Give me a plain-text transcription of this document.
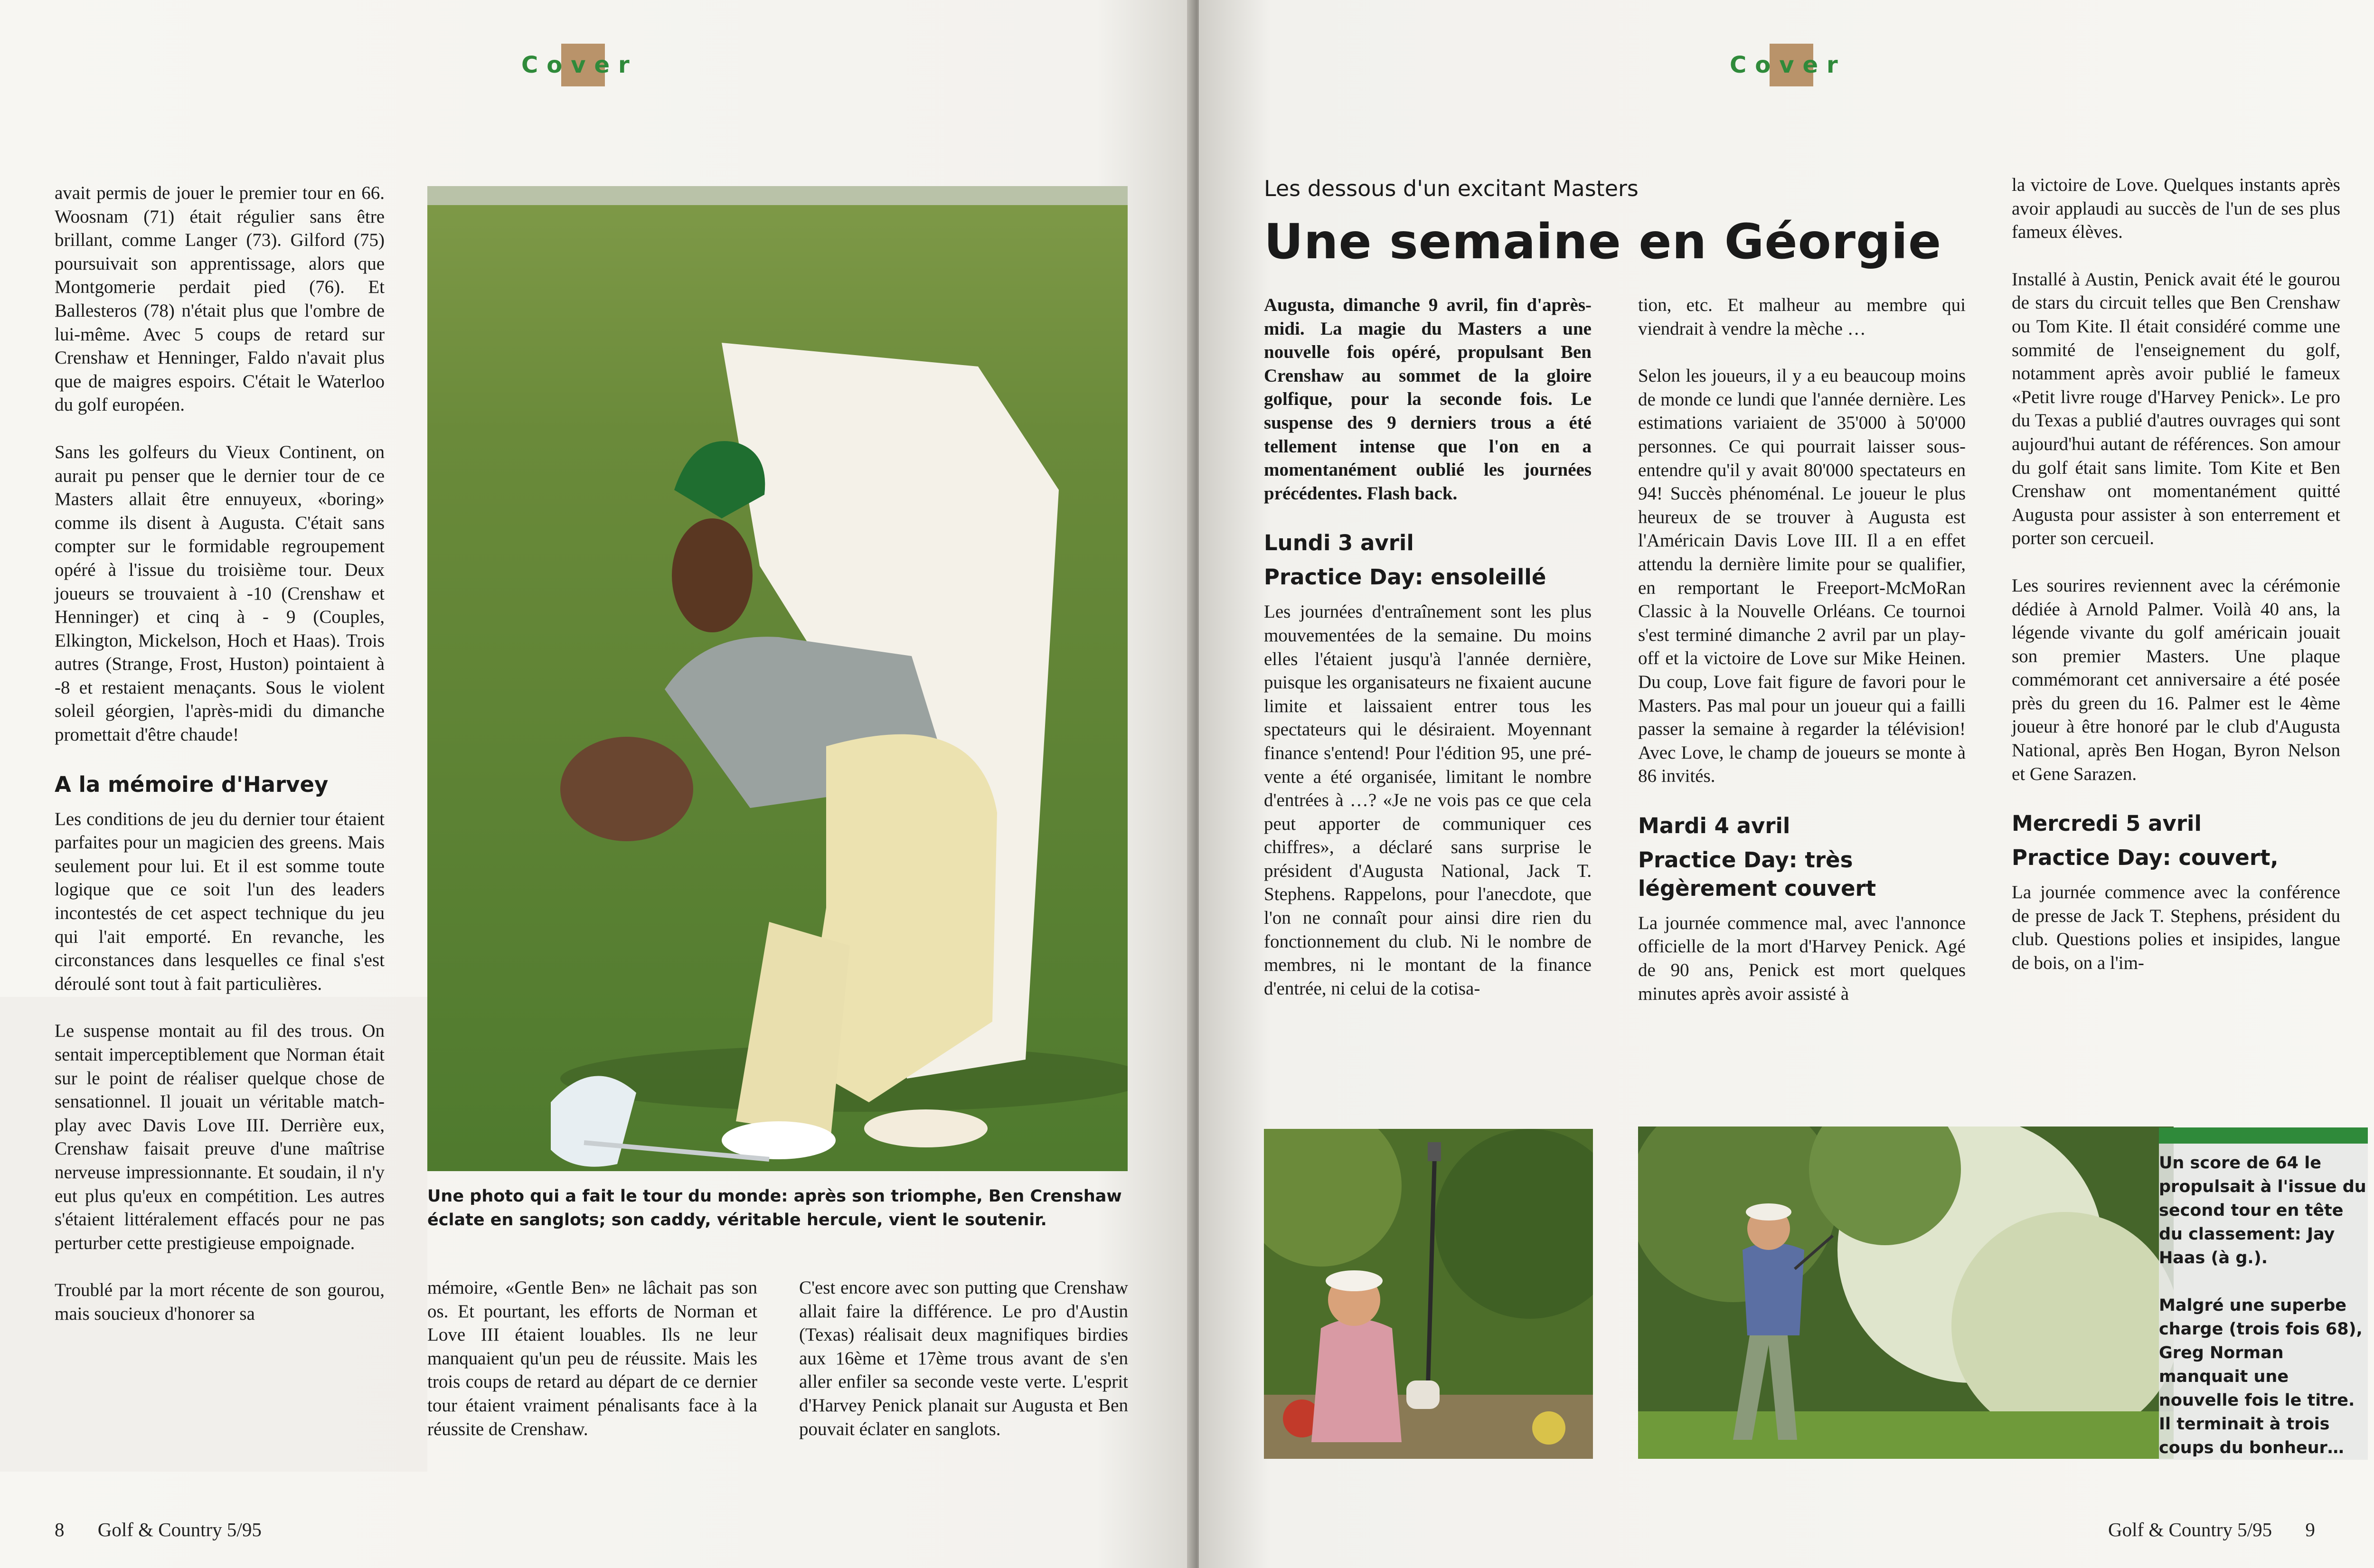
Cover

avait permis de jouer le premier tour en 66. Woosnam (71) était régulier sans être brillant, comme Langer (73). Gilford (75) poursuivait son apprentissage, alors que Montgomerie perdait pied (76). Et Ballesteros (78) n'était plus que l'ombre de lui-même. Avec 5 coups de retard sur Crenshaw et Henninger, Faldo n'avait plus que de maigres espoirs. C'était le Waterloo du golf européen.

Sans les golfeurs du Vieux Continent, on aurait pu penser que le dernier tour de ce Masters allait être ennuyeux, «boring» comme ils disent à Augusta. C'était sans compter sur le formidable regroupement opéré à l'issue du troisième tour. Deux joueurs se trouvaient à -10 (Crenshaw et Henninger) et cinq à - 9 (Couples, Elkington, Mickelson, Hoch et Haas). Trois autres (Strange, Frost, Huston) pointaient à -8 et restaient menaçants. Sous le violent soleil géorgien, l'après-midi du dimanche promettait d'être chaude!

A la mémoire d'Harvey

Les conditions de jeu du dernier tour étaient parfaites pour un magicien des greens. Mais seulement pour lui. Et il est somme toute logique que ce soit l'un des leaders incontestés de cet aspect technique du jeu qui l'ait emporté. En revanche, les circonstances dans lesquelles ce final s'est déroulé sont tout à fait particulières.

Le suspense montait au fil des trous. On sentait imperceptiblement que Norman était sur le point de réaliser quelque chose de sensationnel. Il jouait un véritable match-play avec Davis Love III. Derrière eux, Crenshaw faisait preuve d'une maîtrise nerveuse impressionnante. Et soudain, il n'y eut plus qu'eux en compétition. Les autres s'étaient littéralement effacés pour ne pas perturber cette prestigieuse empoignade.

Troublé par la mort récente de son gourou, mais soucieux d'honorer sa

Une photo qui a fait le tour du monde: après son triomphe, Ben Crenshaw éclate en sanglots; son caddy, véritable hercule, vient le soutenir.

mémoire, «Gentle Ben» ne lâchait pas son os. Et pourtant, les efforts de Norman et Love III étaient louables. Ils ne leur manquaient qu'un peu de réussite. Mais les trois coups de retard au départ de ce dernier tour étaient vraiment pénalisants face à la réussite de Crenshaw.

C'est encore avec son putting que Crenshaw allait faire la différence. Le pro d'Austin (Texas) réalisait deux magnifiques birdies aux 16ème et 17ème trous avant de s'en aller enfiler sa seconde veste verte. L'esprit d'Harvey Penick planait sur Augusta et Ben pouvait éclater en sanglots.

8 Golf & Country 5/95
Cover
Les dessous d'un excitant Masters
Une semaine en Géorgie

Augusta, dimanche 9 avril, fin d'après-midi. La magie du Masters a une nouvelle fois opéré, propulsant Ben Crenshaw au sommet de la gloire golfique, pour la seconde fois. Le suspense des 9 derniers trous a été tellement intense que l'on en a momentanément oublié les journées précédentes. Flash back.

Lundi 3 avril
Practice Day: ensoleillé

Les journées d'entraînement sont les plus mouvementées de la semaine. Du moins elles l'étaient jusqu'à l'année dernière, puisque les organisateurs ne fixaient aucune limite et laissaient entrer tous les spectateurs qui le désiraient. Moyennant finance s'entend! Pour l'édition 95, une pré-vente a été organisée, limitant le nombre d'entrées à …? «Je ne vois pas ce que cela peut apporter de communiquer ces chiffres», a déclaré sans surprise le président d'Augusta National, Jack T. Stephens. Rappelons, pour l'anecdote, que l'on ne connaît pour ainsi dire rien du fonctionnement du club. Ni le nombre de membres, ni le montant de la finance d'entrée, ni celui de la cotisa-

tion, etc. Et malheur au membre qui viendrait à vendre la mèche …

Selon les joueurs, il y a eu beaucoup moins de monde ce lundi que l'année dernière. Les estimations variaient de 35'000 à 50'000 personnes. Ce qui pourrait laisser sous-entendre qu'il y avait 80'000 spectateurs en 94! Succès phénoménal. Le joueur le plus heureux de se trouver à Augusta est l'Américain Davis Love III. Il a en effet attendu la dernière limite pour se qualifier, en remportant le Freeport-McMoRan Classic à la Nouvelle Orléans. Ce tournoi s'est terminé dimanche 2 avril par un play-off et la victoire de Love sur Mike Heinen. Du coup, Love fait figure de favori pour le Masters. Pas mal pour un joueur qui a failli passer la semaine à regarder la télévision! Avec Love, le champ de joueurs se monte à 86 invités.

Mardi 4 avril
Practice Day: très légèrement couvert

La journée commence mal, avec l'annonce officielle de la mort d'Harvey Penick. Agé de 90 ans, Penick est mort quelques minutes après avoir assisté à

la victoire de Love. Quelques instants après avoir applaudi au succès de l'un de ses plus fameux élèves.

Installé à Austin, Penick avait été le gourou de stars du circuit telles que Ben Crenshaw ou Tom Kite. Il était considéré comme une sommité de l'enseignement du golf, notamment après avoir publié le fameux «Petit livre rouge d'Harvey Penick». Le pro du Texas a publié d'autres ouvrages qui sont aujourd'hui autant de références. Son amour du golf était sans limite. Tom Kite et Ben Crenshaw ont momentanément quitté Augusta pour assister à son enterrement et porter son cercueil.

Les sourires reviennent avec la cérémonie dédiée à Arnold Palmer. Voilà 40 ans, la légende vivante du golf américain jouait son premier Masters. Une plaque commémorant cet anniversaire a été posée près du green du 16. Palmer est le 4ème joueur à être honoré par le club d'Augusta National, après Ben Hogan, Byron Nelson et Gene Sarazen.

Mercredi 5 avril
Practice Day: couvert,

La journée commence avec la conférence de presse de Jack T. Stephens, président du club. Questions polies et insipides, langue de bois, on a l'im-

Un score de 64 le propulsait à l'issue du second tour en tête du classement: Jay Haas (à g.).

Malgré une superbe charge (trois fois 68), Greg Norman manquait une nouvelle fois le titre. Il terminait à trois coups du bonheur…

Golf & Country 5/95 9
